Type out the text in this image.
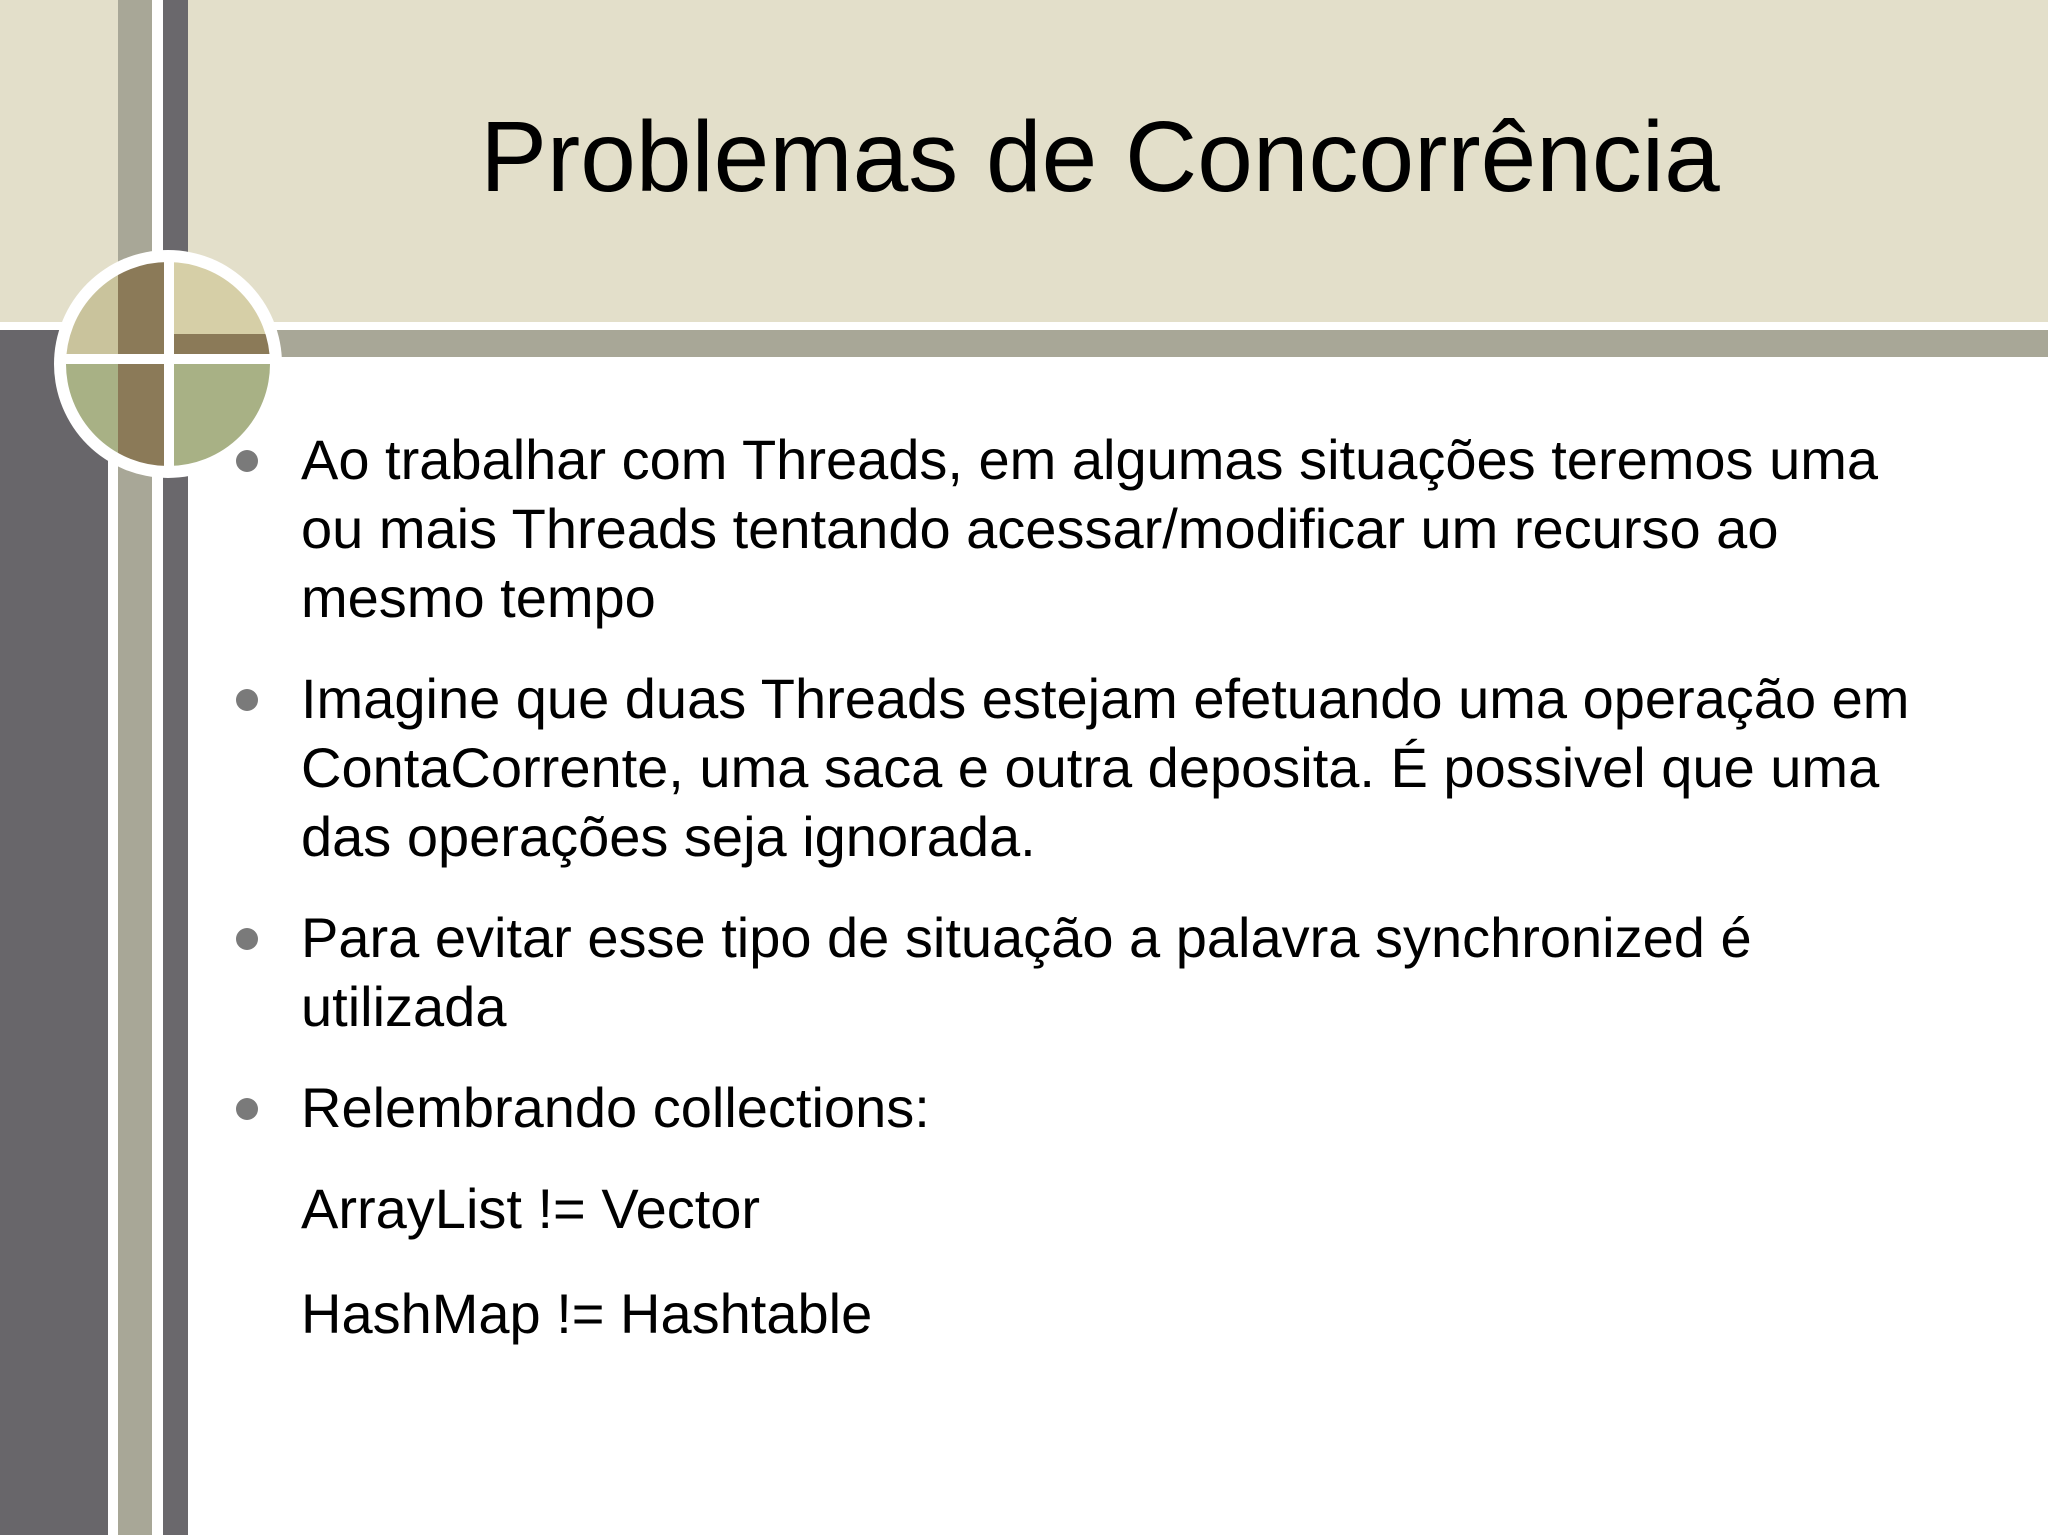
Problemas de Concorrência
Ao trabalhar com Threads, em algumas situações teremos uma ou mais Threads tentando acessar/modificar um recurso ao mesmo tempo
Imagine que duas Threads estejam efetuando uma operação em ContaCorrente, uma saca e outra deposita. É possivel que uma das operações seja ignorada.
Para evitar esse tipo de situação a palavra synchronized é utilizada
Relembrando collections:
ArrayList != Vector
HashMap != Hashtable
